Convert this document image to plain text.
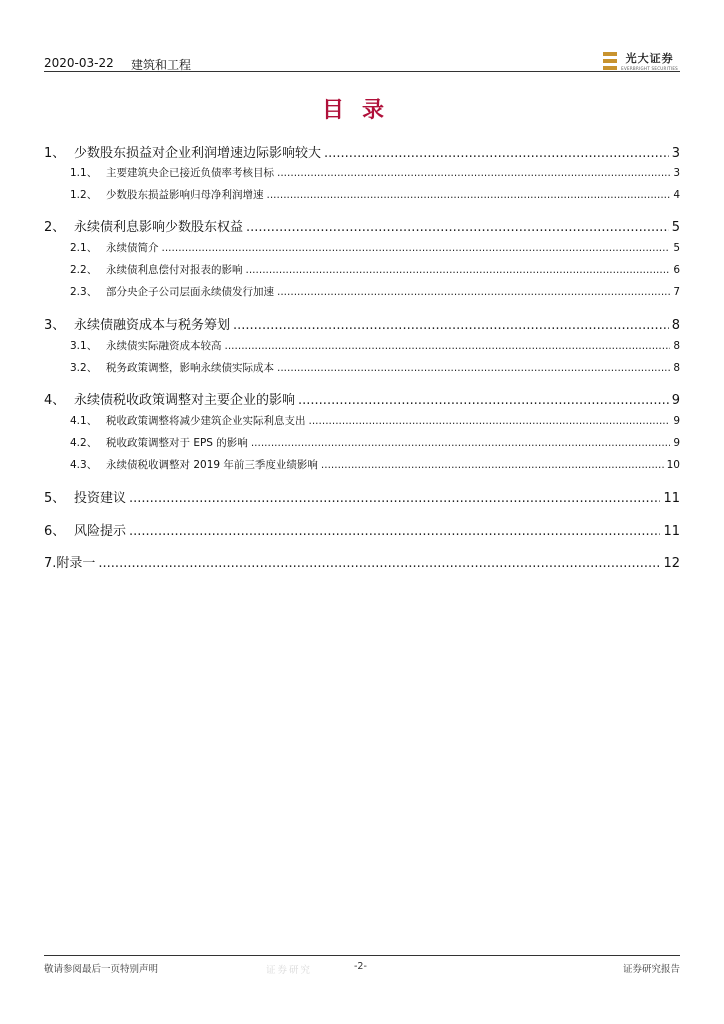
2020-03-22 建筑和工程	光大证券
EVERBRIGHT SECURITIES
目录
1、 少数股东损益对企业利润增速边际影响较大 .....	3
1.1、 主要建筑央企已接近负债率考核目标 .....	3
1.2、 少数股东损益影响归母净利润增速 .....	4
2、 永续债利息影响少数股东权益 .....	5
2.1、 永续债简介 .....	5
2.2、 永续债利息偿付对报表的影响 .....	6
2.3、 部分央企子公司层面永续债发行加速 .....	7
3、 永续债融资成本与税务筹划 .....	8
3.1、 永续债实际融资成本较高 .....	8
3.2、 税务政策调整，影响永续债实际成本 .....	8
4、 永续债税收政策调整对主要企业的影响 .....	9
4.1、 税收政策调整将减少建筑企业实际利息支出 .....	9
4.2、 税收政策调整对于 EPS 的影响 .....	9
4.3、 永续债税收调整对 2019 年前三季度业绩影响 .....	10
5、 投资建议 .....	11
6、 风险提示 .....	11
7.附录一 .....	12
敬请参阅最后一页特别声明	证券研究	-2-	证券研究报告
